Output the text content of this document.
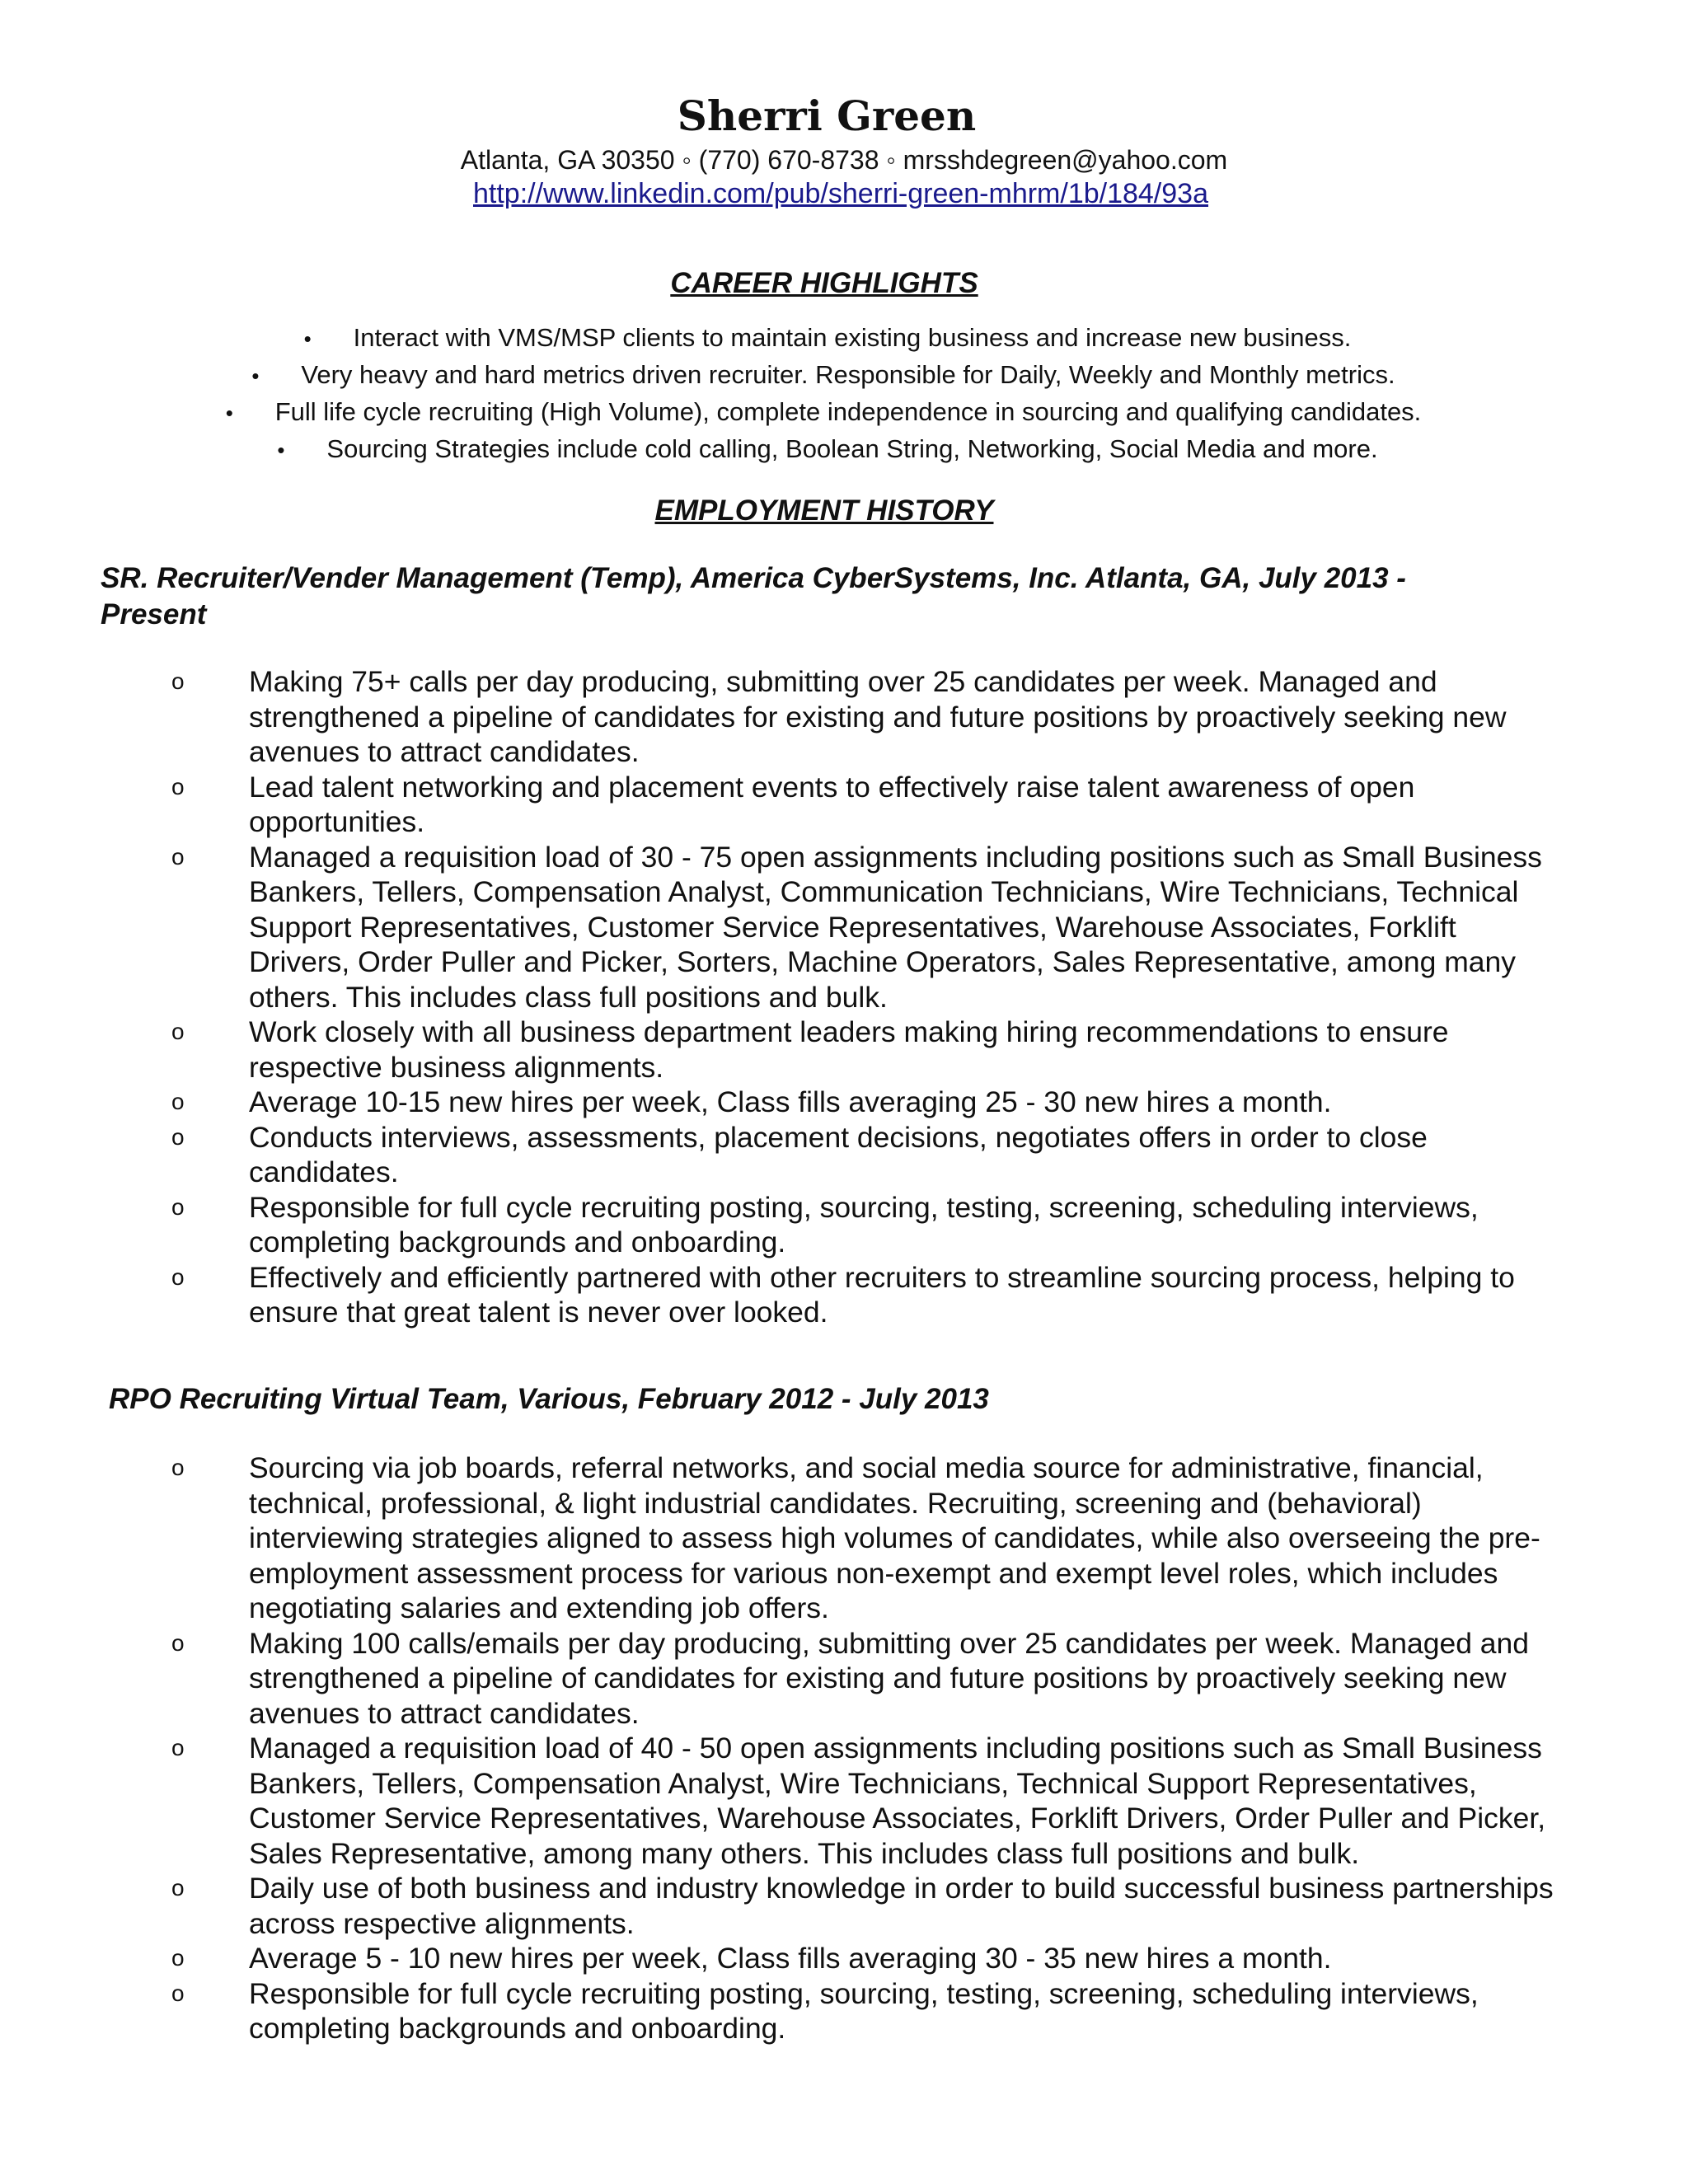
Sherri Green
Atlanta, GA 30350 ◦ (770) 670-8738 ◦ mrsshdegreen@yahoo.com
http://www.linkedin.com/pub/sherri-green-mhrm/1b/184/93a
CAREER HIGHLIGHTS
• Interact with VMS/MSP clients to maintain existing business and increase new business.
• Very heavy and hard metrics driven recruiter. Responsible for Daily, Weekly and Monthly metrics.
• Full life cycle recruiting (High Volume), complete independence in sourcing and qualifying candidates.
• Sourcing Strategies include cold calling, Boolean String, Networking, Social Media and more.
EMPLOYMENT HISTORY
SR. Recruiter/Vender Management (Temp), America CyberSystems, Inc. Atlanta, GA, July 2013 - Present
o	Making 75+ calls per day producing, submitting over 25 candidates per week. Managed and strengthened a pipeline of candidates for existing and future positions by proactively seeking new avenues to attract candidates.
o	Lead talent networking and placement events to effectively raise talent awareness of open opportunities.
o	Managed a requisition load of 30 - 75 open assignments including positions such as Small Business Bankers, Tellers, Compensation Analyst, Communication Technicians, Wire Technicians, Technical Support Representatives, Customer Service Representatives, Warehouse Associates, Forklift Drivers, Order Puller and Picker, Sorters, Machine Operators, Sales Representative, among many others. This includes class full positions and bulk.
o	Work closely with all business department leaders making hiring recommendations to ensure respective business alignments.
o	Average 10-15 new hires per week, Class fills averaging 25 - 30 new hires a month.
o	Conducts interviews, assessments, placement decisions, negotiates offers in order to close candidates.
o	Responsible for full cycle recruiting posting, sourcing, testing, screening, scheduling interviews, completing backgrounds and onboarding.
o	Effectively and efficiently partnered with other recruiters to streamline sourcing process, helping to ensure that great talent is never over looked.
RPO Recruiting Virtual Team, Various, February 2012 - July 2013
o	Sourcing via job boards, referral networks, and social media source for administrative, financial, technical, professional, & light industrial candidates. Recruiting, screening and (behavioral) interviewing strategies aligned to assess high volumes of candidates, while also overseeing the pre-employment assessment process for various non-exempt and exempt level roles, which includes negotiating salaries and extending job offers.
o	Making 100 calls/emails per day producing, submitting over 25 candidates per week. Managed and strengthened a pipeline of candidates for existing and future positions by proactively seeking new avenues to attract candidates.
o	Managed a requisition load of 40 - 50 open assignments including positions such as Small Business Bankers, Tellers, Compensation Analyst, Wire Technicians, Technical Support Representatives, Customer Service Representatives, Warehouse Associates, Forklift Drivers, Order Puller and Picker, Sales Representative, among many others. This includes class full positions and bulk.
o	Daily use of both business and industry knowledge in order to build successful business partnerships across respective alignments.
o	Average 5 - 10 new hires per week, Class fills averaging 30 - 35 new hires a month.
o	Responsible for full cycle recruiting posting, sourcing, testing, screening, scheduling interviews, completing backgrounds and onboarding.
